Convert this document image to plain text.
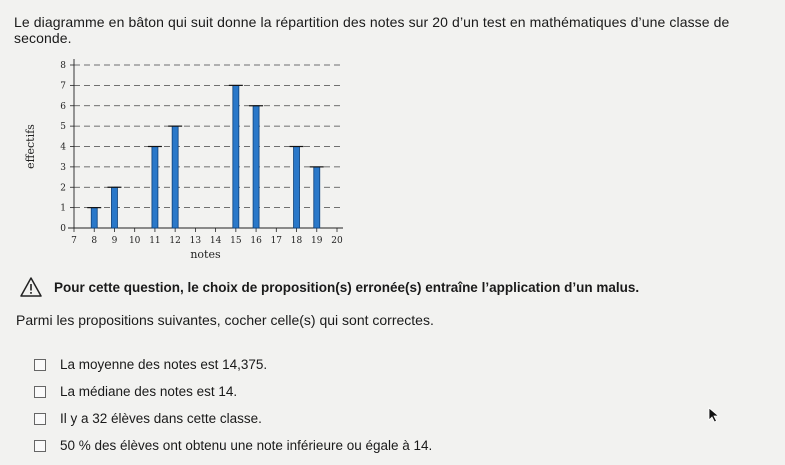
Le diagramme en bâton qui suit donne la répartition des notes sur 20 d’un test en mathématiques d’une classe de seconde.
0
1
2
3
4
5
6
7
8
7 8 9 10 11 12 13 14 15 16 17 18 19 20
notes
effectifs
Pour cette question, le choix de proposition(s) erronée(s) entraîne l’application d’un malus.
Parmi les propositions suivantes, cocher celle(s) qui sont correctes.
La moyenne des notes est 14,375.
La médiane des notes est 14.
Il y a 32 élèves dans cette classe.
50 % des élèves ont obtenu une note inférieure ou égale à 14.
